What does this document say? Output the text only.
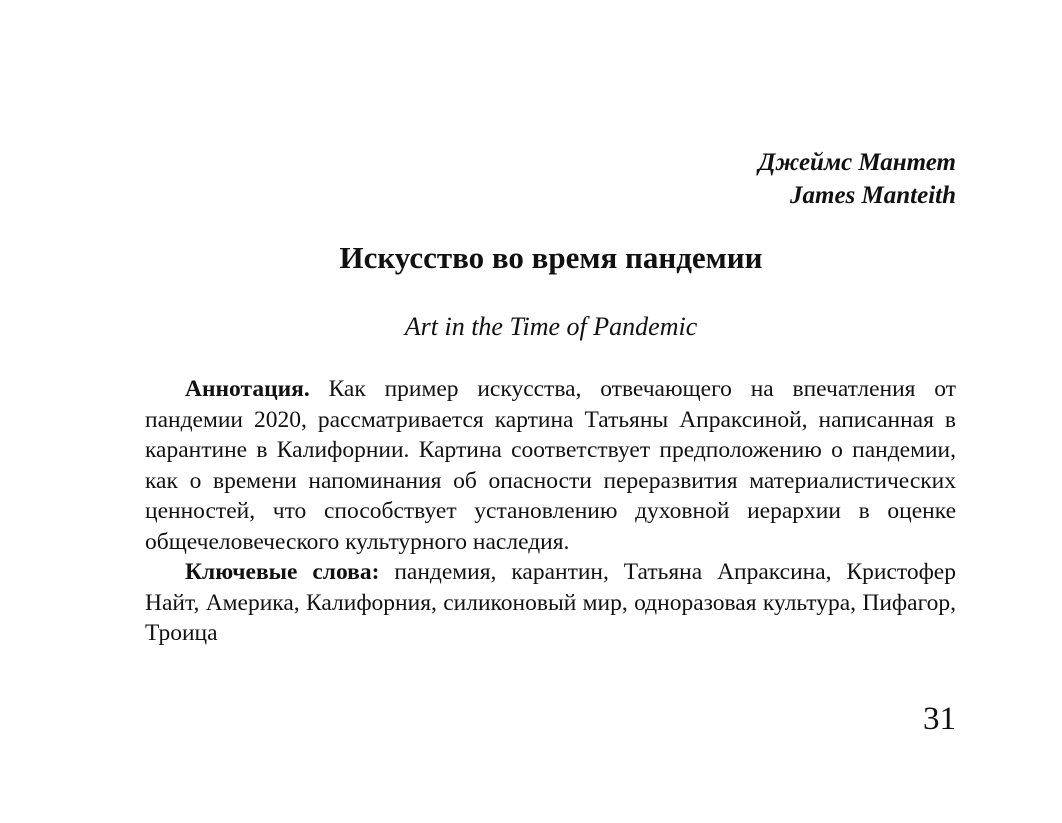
Джеймс Мантет
James Manteith
Искусство во время пандемии
Art in the Time of Pandemic

Аннотация. Как пример искусства, отвечающего на впечатления от пандемии 2020, рассматривается картина Татьяны Апраксиной, написанная в карантине в Калифорнии. Картина соответствует предположению о пандемии, как о времени напоминания об опасности переразвития материалистических ценностей, что способствует установлению духовной иерархии в оценке общечеловеческого культурного наследия.

Ключевые слова: пандемия, карантин, Татьяна Апраксина, Кристофер Найт, Америка, Калифорния, силиконовый мир, одноразовая культура, Пифагор, Троица

31
